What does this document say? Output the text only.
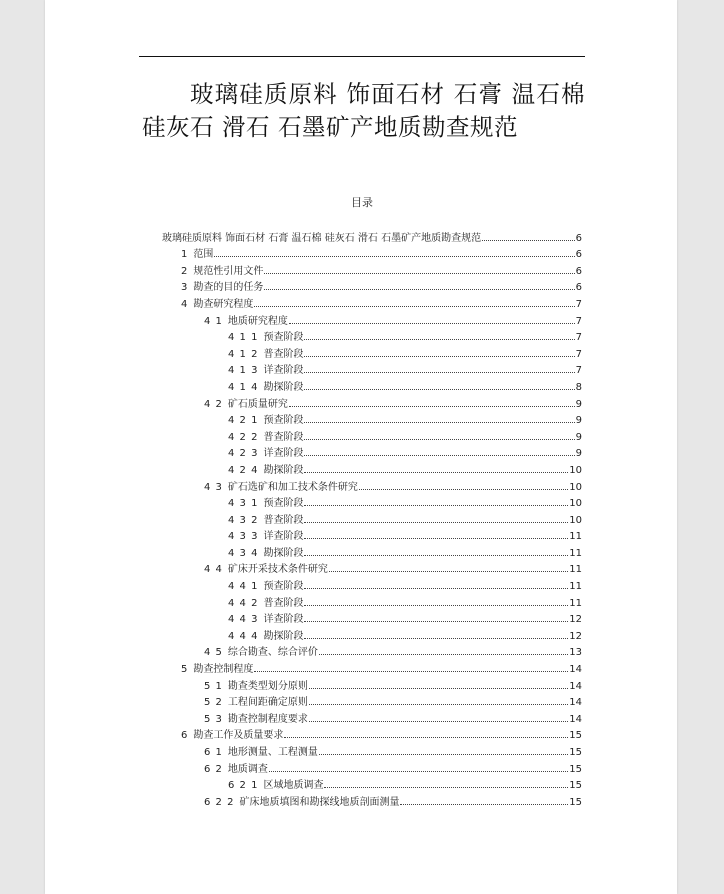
玻璃硅质原料 饰面石材 石膏 温石棉 硅灰石 滑石 石墨矿产地质勘查规范
目录
玻璃硅质原料 饰面石材 石膏 温石棉 硅灰石 滑石 石墨矿产地质勘查规范	6
1 范围	6
2 规范性引用文件	6
3 勘查的目的任务	6
4 勘查研究程度	7
4 1 地质研究程度	7
4 1 1 预查阶段	7
4 1 2 普查阶段	7
4 1 3 详查阶段	7
4 1 4 勘探阶段	8
4 2 矿石质量研究	9
4 2 1 预查阶段	9
4 2 2 普查阶段	9
4 2 3 详查阶段	9
4 2 4 勘探阶段	10
4 3 矿石选矿和加工技术条件研究	10
4 3 1 预查阶段	10
4 3 2 普查阶段	10
4 3 3 详查阶段	11
4 3 4 勘探阶段	11
4 4 矿床开采技术条件研究	11
4 4 1 预查阶段	11
4 4 2 普查阶段	11
4 4 3 详查阶段	12
4 4 4 勘探阶段	12
4 5 综合勘查、综合评价	13
5 勘查控制程度	14
5 1 勘查类型划分原则	14
5 2 工程间距确定原则	14
5 3 勘查控制程度要求	14
6 勘查工作及质量要求	15
6 1 地形测量、工程测量	15
6 2 地质调查	15
6 2 1 区域地质调查	15
6 2 2 矿床地质填图和勘探线地质剖面测量	15
